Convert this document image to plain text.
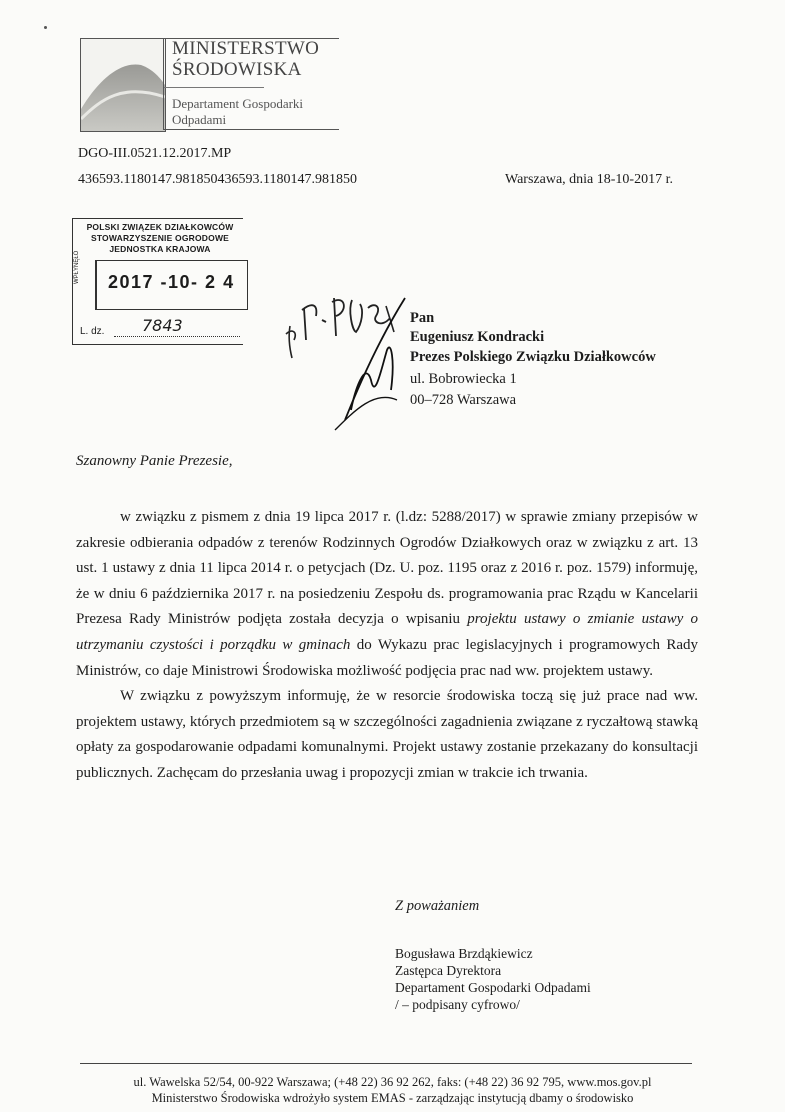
MINISTERSTWO
ŚRODOWISKA
Departament Gospodarki
Odpadami
DGO-III.0521.12.2017.MP
436593.1180147.981850436593.1180147.981850	Warszawa, dnia 18-10-2017 r.
POLSKI ZWIĄZEK DZIAŁKOWCÓW
STOWARZYSZENIE OGRODOWE
JEDNOSTKA KRAJOWA
2017 -10- 2 4
WPŁYNĘŁO
L. dz. 7843	Pan
Eugeniusz Kondracki
Prezes Polskiego Związku Działkowców
ul. Bobrowiecka 1
00–728 Warszawa
Szanowny Panie Prezesie,

w związku z pismem z dnia 19 lipca 2017 r. (l.dz: 5288/2017) w sprawie zmiany przepisów w zakresie odbierania odpadów z terenów Rodzinnych Ogrodów Działkowych oraz w związku z art. 13 ust. 1 ustawy z dnia 11 lipca 2014 r. o petycjach (Dz. U. poz. 1195 oraz z 2016 r. poz. 1579) informuję, że w dniu 6 października 2017 r. na posiedzeniu Zespołu ds. programowania prac Rządu w Kancelarii Prezesa Rady Ministrów podjęta została decyzja o wpisaniu projektu ustawy o zmianie ustawy o utrzymaniu czystości i porządku w gminach do Wykazu prac legislacyjnych i programowych Rady Ministrów, co daje Ministrowi Środowiska możliwość podjęcia prac nad ww. projektem ustawy.

W związku z powyższym informuję, że w resorcie środowiska toczą się już prace nad ww. projektem ustawy, których przedmiotem są w szczególności zagadnienia związane z ryczałtową stawką opłaty za gospodarowanie odpadami komunalnymi. Projekt ustawy zostanie przekazany do konsultacji publicznych. Zachęcam do przesłania uwag i propozycji zmian w trakcie ich trwania.

Z poważaniem
Bogusława Brzdąkiewicz
Zastępca Dyrektora
Departament Gospodarki Odpadami
/ – podpisany cyfrowo/
ul. Wawelska 52/54, 00-922 Warszawa; (+48 22) 36 92 262, faks: (+48 22) 36 92 795, www.mos.gov.pl
Ministerstwo Środowiska wdrożyło system EMAS - zarządzając instytucją dbamy o środowisko
